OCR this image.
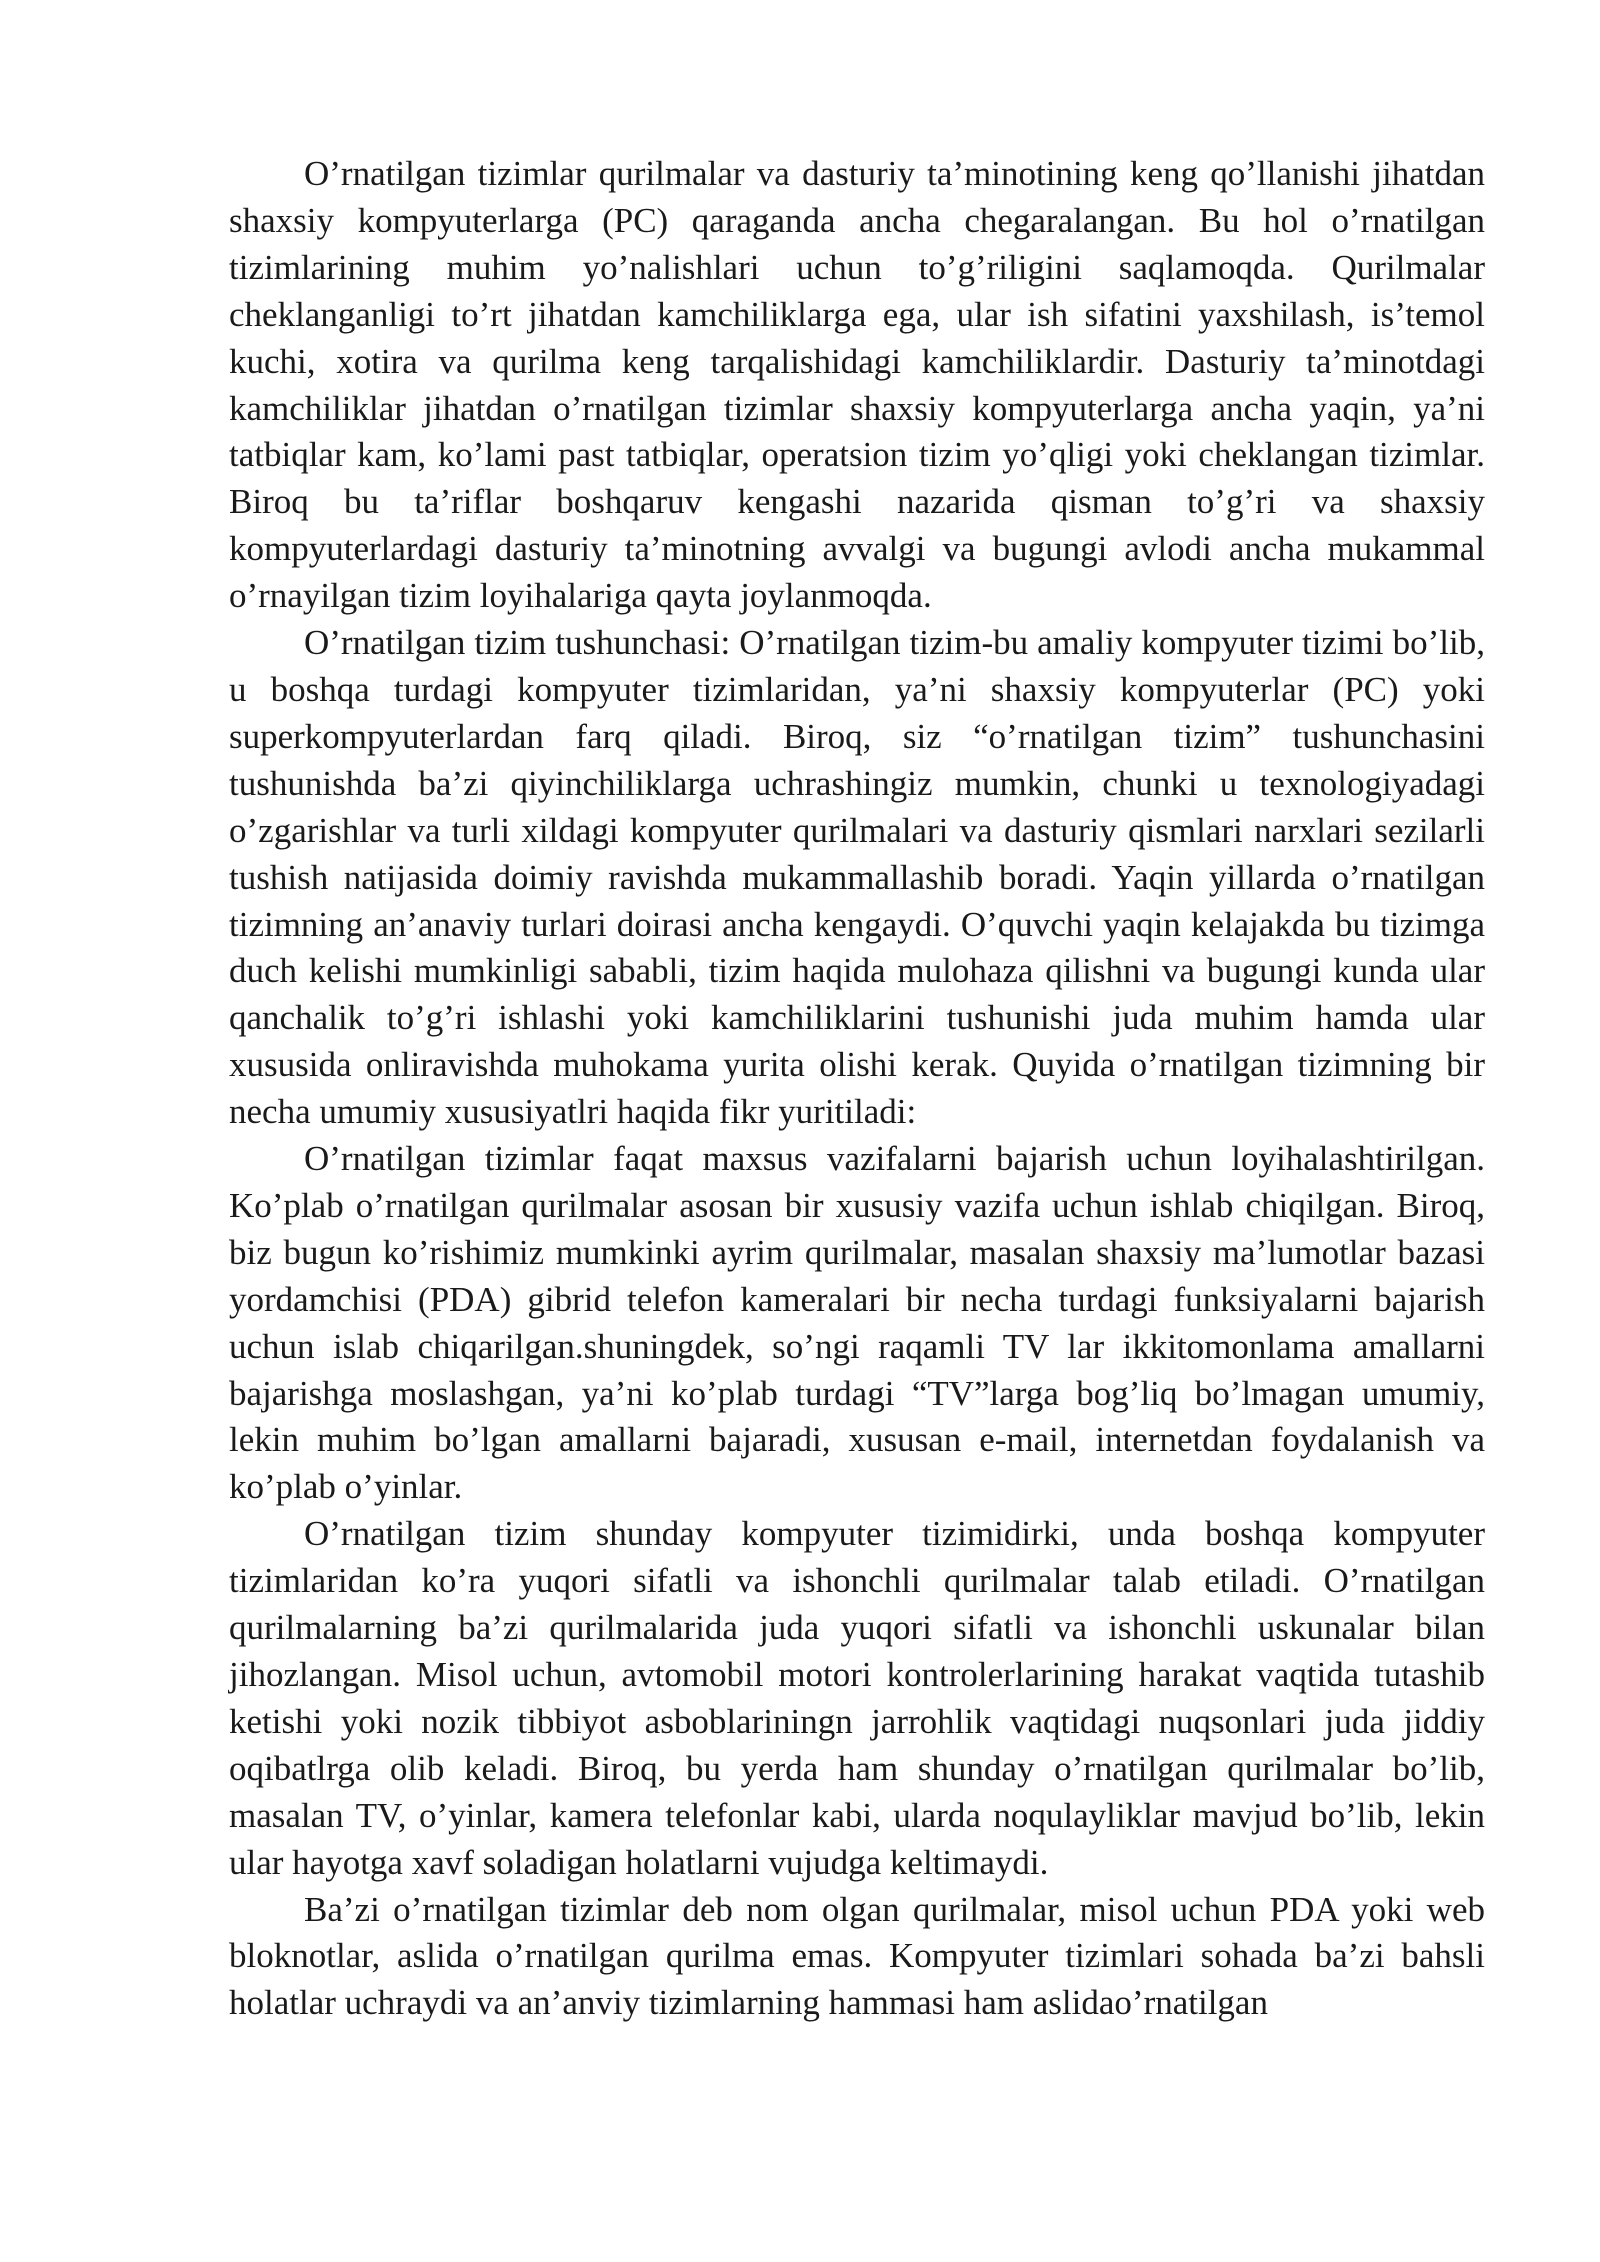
O’rnatilgan tizimlar qurilmalar va dasturiy ta’minotining keng qo’llanishi jihatdan shaxsiy kompyuterlarga (PC) qaraganda ancha chegaralangan. Bu hol o’rnatilgan tizimlarining muhim yo’nalishlari uchun to’g’riligini saqlamoqda. Qurilmalar cheklanganligi to’rt jihatdan kamchiliklarga ega, ular ish sifatini yaxshilash, is’temol kuchi, xotira va qurilma keng tarqalishidagi kamchiliklardir. Dasturiy ta’minotdagi kamchiliklar jihatdan o’rnatilgan tizimlar shaxsiy kompyuterlarga ancha yaqin, ya’ni tatbiqlar kam, ko’lami past tatbiqlar, operatsion tizim yo’qligi yoki cheklangan tizimlar. Biroq bu ta’riflar boshqaruv kengashi nazarida qisman to’g’ri va shaxsiy kompyuterlardagi dasturiy ta’minotning avvalgi va bugungi avlodi ancha mukammal o’rnayilgan tizim loyihalariga qayta joylanmoqda.

O’rnatilgan tizim tushunchasi: O’rnatilgan tizim-bu amaliy kompyuter tizimi bo’lib, u boshqa turdagi kompyuter tizimlaridan, ya’ni shaxsiy kompyuterlar (PC) yoki superkompyuterlardan farq qiladi. Biroq, siz “o’rnatilgan tizim” tushunchasini tushunishda ba’zi qiyinchiliklarga uchrashingiz mumkin, chunki u texnologiyadagi o’zgarishlar va turli xildagi kompyuter qurilmalari va dasturiy qismlari narxlari sezilarli tushish natijasida doimiy ravishda mukammallashib boradi. Yaqin yillarda o’rnatilgan tizimning an’anaviy turlari doirasi ancha kengaydi. O’quvchi yaqin kelajakda bu tizimga duch kelishi mumkinligi sababli, tizim haqida mulohaza qilishni va bugungi kunda ular qanchalik to’g’ri ishlashi yoki kamchiliklarini tushunishi juda muhim hamda ular xususida onliravishda muhokama yurita olishi kerak. Quyida o’rnatilgan tizimning bir necha umumiy xususiyatlri haqida fikr yuritiladi:

O’rnatilgan tizimlar faqat maxsus vazifalarni bajarish uchun loyihalashtirilgan. Ko’plab o’rnatilgan qurilmalar asosan bir xususiy vazifa uchun ishlab chiqilgan. Biroq, biz bugun ko’rishimiz mumkinki ayrim qurilmalar, masalan shaxsiy ma’lumotlar bazasi yordamchisi (PDA) gibrid telefon kameralari bir necha turdagi funksiyalarni bajarish uchun islab chiqarilgan.shuningdek, so’ngi raqamli TV lar ikkitomonlama amallarni bajarishga moslashgan, ya’ni ko’plab turdagi “TV”larga bog’liq bo’lmagan umumiy, lekin muhim bo’lgan amallarni bajaradi, xususan e-mail, internetdan foydalanish va ko’plab o’yinlar.

O’rnatilgan tizim shunday kompyuter tizimidirki, unda boshqa kompyuter tizimlaridan ko’ra yuqori sifatli va ishonchli qurilmalar talab etiladi. O’rnatilgan qurilmalarning ba’zi qurilmalarida juda yuqori sifatli va ishonchli uskunalar bilan jihozlangan. Misol uchun, avtomobil motori kontrolerlarining harakat vaqtida tutashib ketishi yoki nozik tibbiyot asboblariningn jarrohlik vaqtidagi nuqsonlari juda jiddiy oqibatlrga olib keladi. Biroq, bu yerda ham shunday o’rnatilgan qurilmalar bo’lib, masalan TV, o’yinlar, kamera telefonlar kabi, ularda noqulayliklar mavjud bo’lib, lekin ular hayotga xavf soladigan holatlarni vujudga keltimaydi.

Ba’zi o’rnatilgan tizimlar deb nom olgan qurilmalar, misol uchun PDA yoki web bloknotlar, aslida o’rnatilgan qurilma emas. Kompyuter tizimlari sohada ba’zi bahsli holatlar uchraydi va an’anviy tizimlarning hammasi ham aslidao’rnatilgan
